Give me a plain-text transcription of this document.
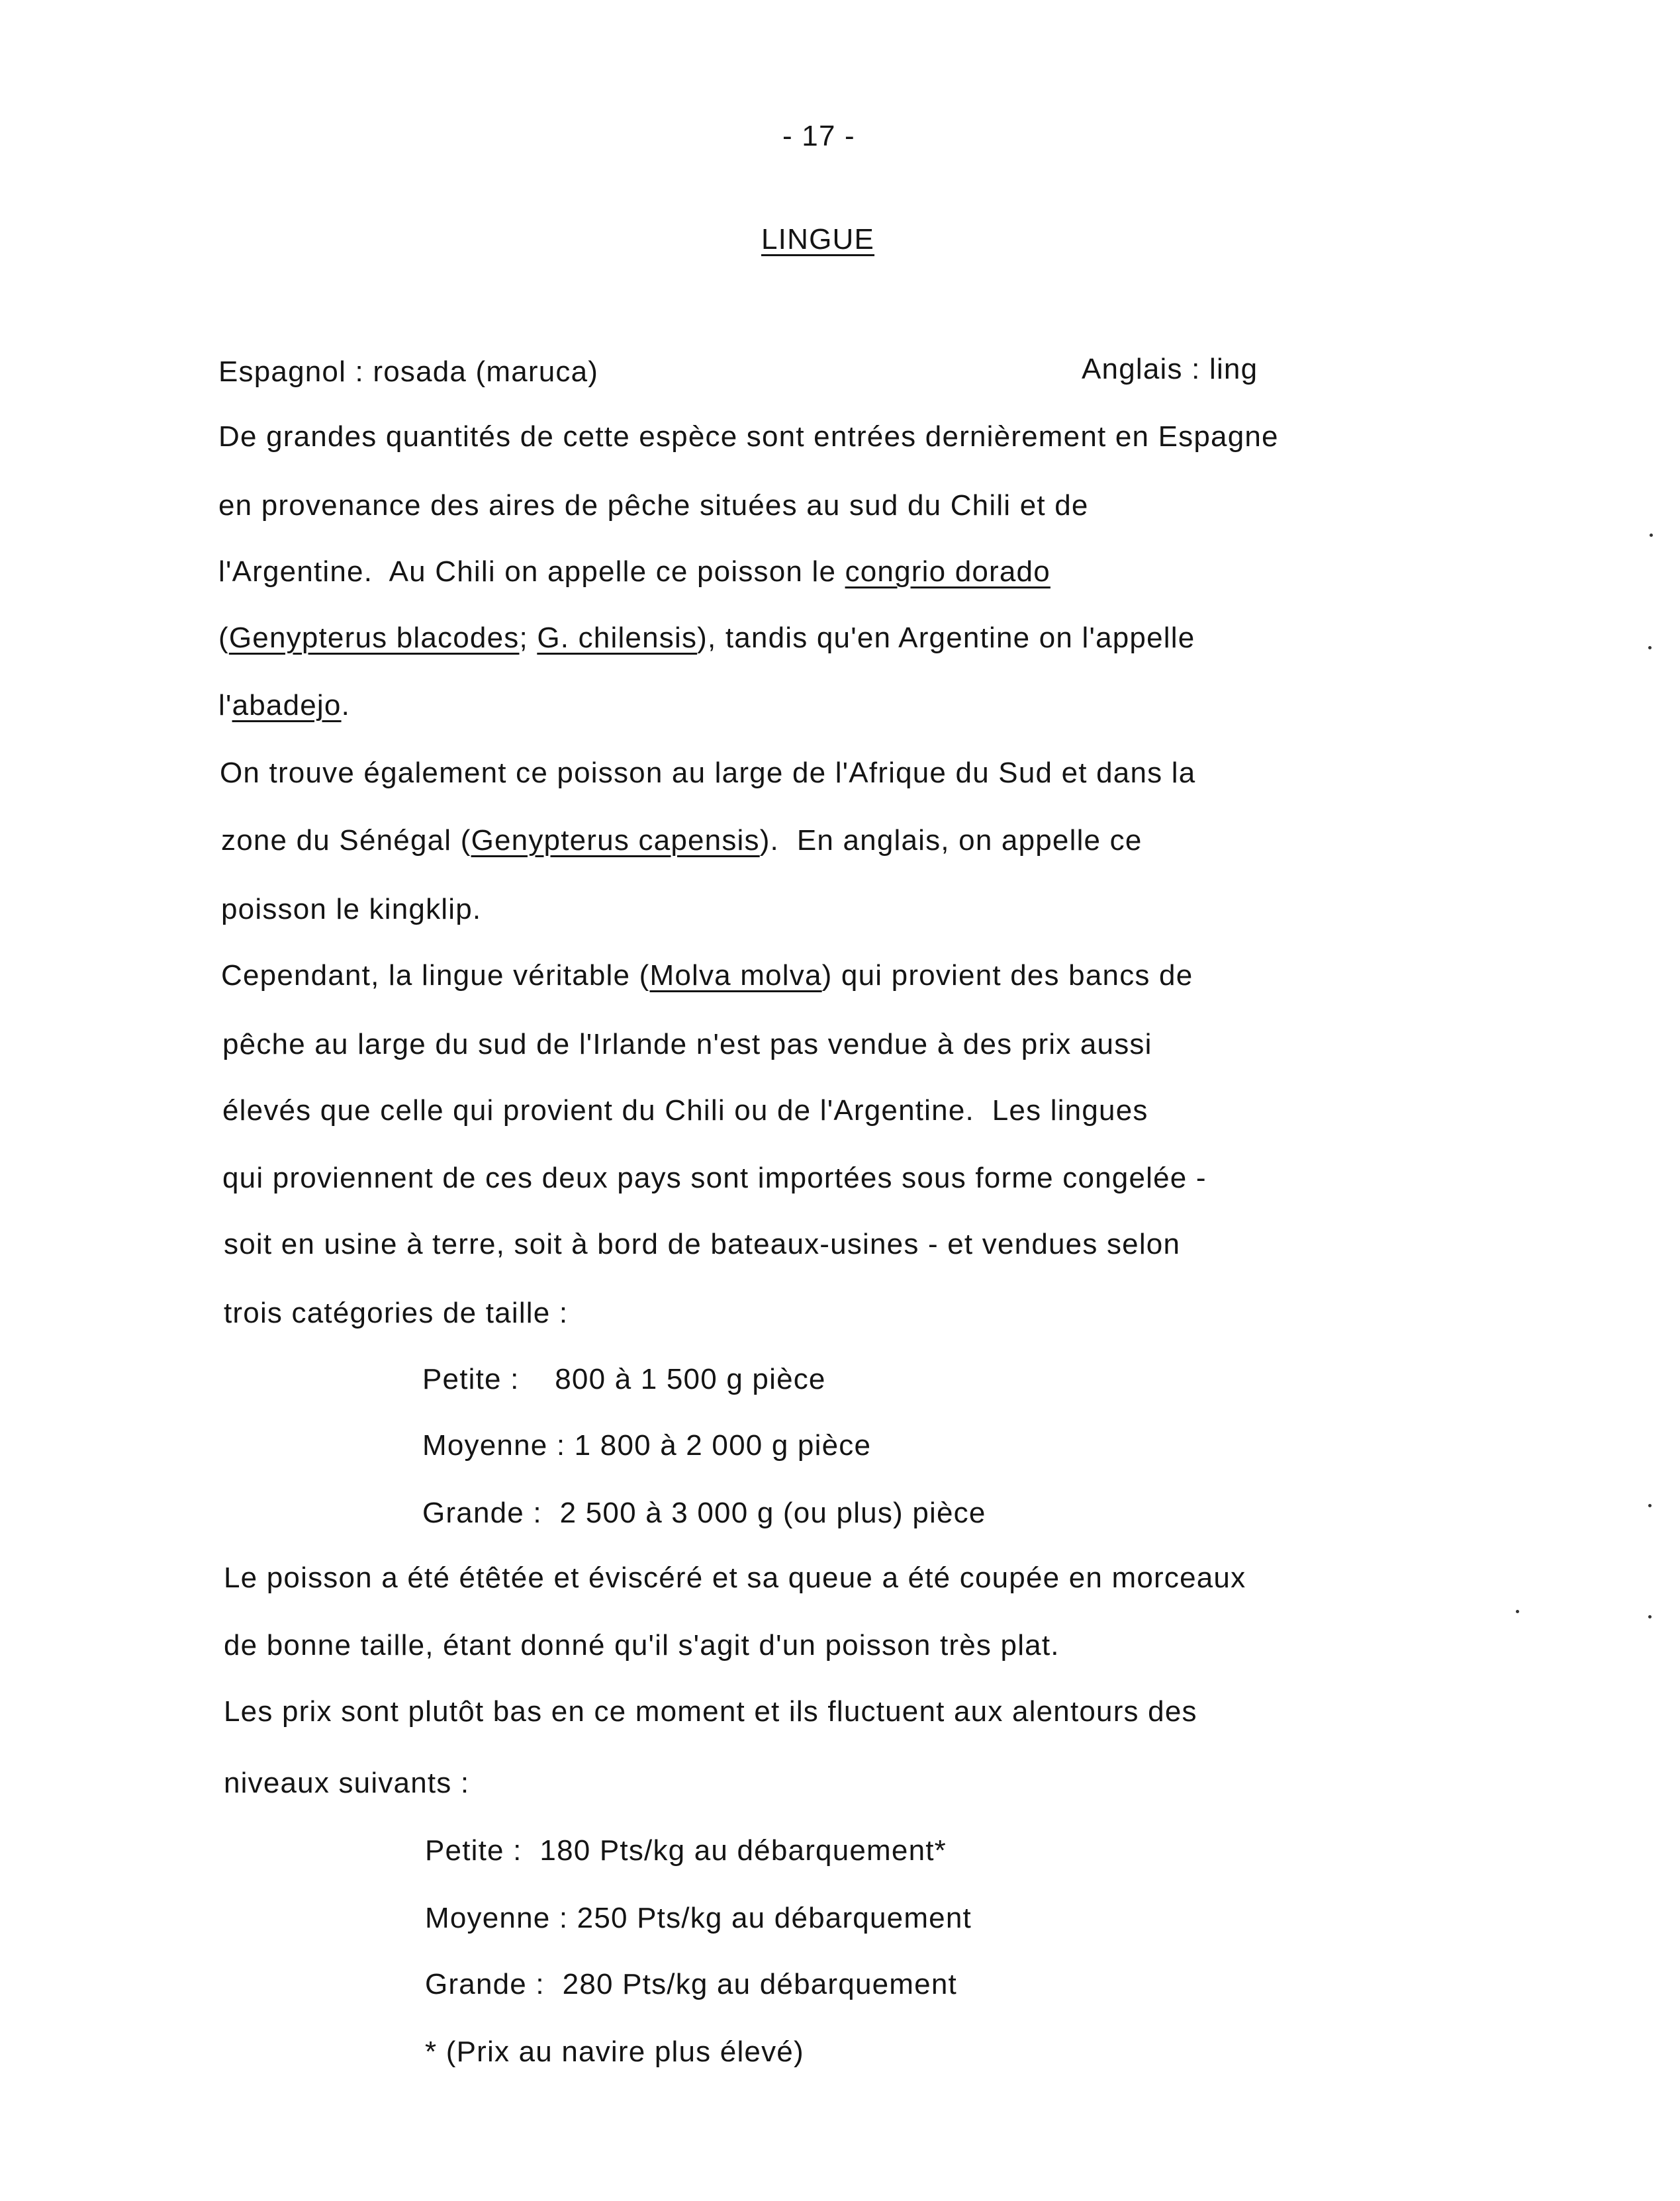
- 17 -
LINGUE
Espagnol : rosada (maruca)	Anglais : ling
De grandes quantités de cette espèce sont entrées dernièrement en Espagne
en provenance des aires de pêche situées au sud du Chili et de
l'Argentine.  Au Chili on appelle ce poisson le congrio dorado
(Genypterus blacodes; G. chilensis), tandis qu'en Argentine on l'appelle
l'abadejo.
On trouve également ce poisson au large de l'Afrique du Sud et dans la
zone du Sénégal (Genypterus capensis).  En anglais, on appelle ce
poisson le kingklip.
Cependant, la lingue véritable (Molva molva) qui provient des bancs de
pêche au large du sud de l'Irlande n'est pas vendue à des prix aussi
élevés que celle qui provient du Chili ou de l'Argentine.  Les lingues
qui proviennent de ces deux pays sont importées sous forme congelée -
soit en usine à terre, soit à bord de bateaux-usines - et vendues selon
trois catégories de taille :
Petite :    800 à 1 500 g pièce
Moyenne : 1 800 à 2 000 g pièce
Grande :  2 500 à 3 000 g (ou plus) pièce
Le poisson a été étêtée et éviscéré et sa queue a été coupée en morceaux
de bonne taille, étant donné qu'il s'agit d'un poisson très plat.
Les prix sont plutôt bas en ce moment et ils fluctuent aux alentours des
niveaux suivants :
Petite :  180 Pts/kg au débarquement*
Moyenne : 250 Pts/kg au débarquement
Grande :  280 Pts/kg au débarquement
* (Prix au navire plus élevé)
